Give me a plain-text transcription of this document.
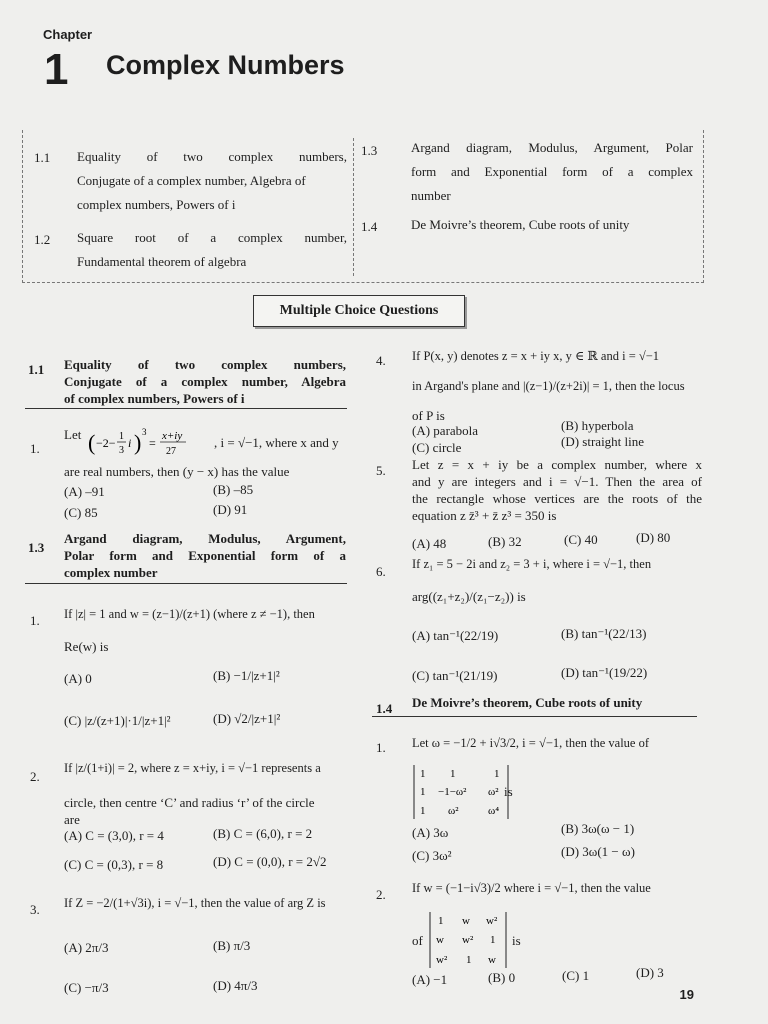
Chapter
1 Complex Numbers
1.1 Equality of two complex numbers,
Conjugate of a complex number, Algebra of
complex numbers, Powers of i
1.2 Square root of a complex number,
Fundamental theorem of algebra
1.3	Argand diagram, Modulus, Argument, Polar
form and Exponential form of a complex
number
1.4	De Moivre’s theorem, Cube roots of unity
Multiple Choice Questions
1.1 Equality of two complex numbers,
Conjugate of a complex number, Algebra
of complex numbers, Powers of i
1.
Let ( −2− 1
3
i ) 3
= x+iy
27
, i = √−1, where x and y
are real numbers, then (y − x) has the value
(A) –91	(B) –85
(C) 85	(D) 91
1.3
Argand diagram, Modulus, Argument,
Polar form and Exponential form of a
complex number
1. If |z| = 1 and w = (z−1)/(z+1) (where z ≠ −1), then
Re(w) is
(A) 0	(B) −1/|z+1|²
(C) |z/(z+1)|·1/|z+1|²	(D) √2/|z+1|²
2.
If |z/(1+i)| = 2, where z = x+iy, i = √−1 represents a
circle, then centre ‘C’ and radius ‘r’ of the circle
are
(A) C = (3,0), r = 4	(B) C = (6,0), r = 2
(C) C = (0,3), r = 8	(D) C = (0,0), r = 2√2
3. If Z = −2/(1+√3i), i = √−1, then the value of arg Z is
(A) 2π/3	(B) π/3
(C) −π/3	(D) 4π/3
4. If P(x, y) denotes z = x + iy x, y ∈ ℝ and i = √−1
in Argand's plane and |(z−1)/(z+2i)| = 1, then the locus
of P is
(A) parabola	(B) hyperbola
(C) circle	(D) straight line
5. Let z = x + iy be a complex number, where x
and y are integers and i = √−1. Then the area of
the rectangle whose vertices are the roots of the
equation z z̄³ + z̄ z³ = 350 is
(A) 48	(B) 32	(C) 40	(D) 80
6. If z₁ = 5 − 2i and z₂ = 3 + i, where i = √−1, then
arg((z₁+z₂)/(z₁−z₂)) is
(A) tan⁻¹(22/19)	(B) tan⁻¹(22/13)
(C) tan⁻¹(21/19)	(D) tan⁻¹(19/22)
1.4 De Moivre’s theorem, Cube roots of unity
1. Let ω = −1/2 + i√3/2, i = √−1, then the value of
1 1	1
1 −1−ω² ω²
1 ω²	ω⁴
is
(A) 3ω	(B) 3ω(ω − 1)
(C) 3ω²	(D) 3ω(1 − ω)
2. If w = (−1−i√3)/2 where i = √−1, then the value
of
1 w w²
w w² 1
w² 1 w
is
(A) −1	(B) 0	(C) 1	(D) 3
19
